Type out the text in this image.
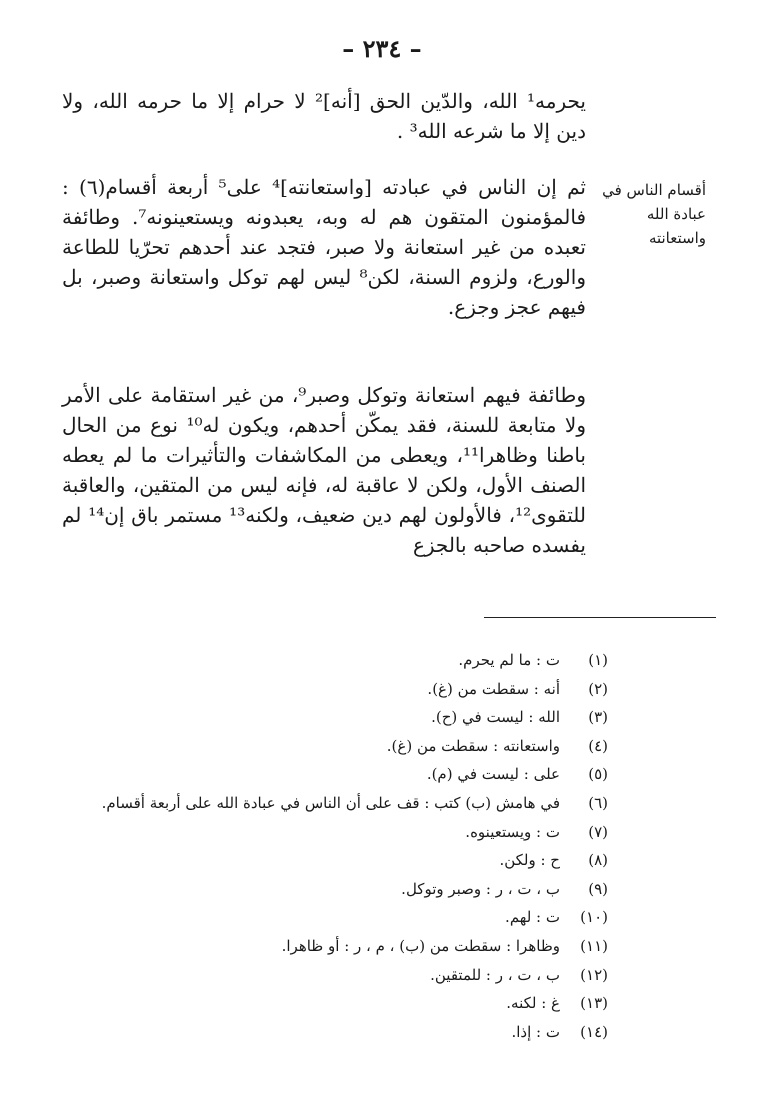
– ٢٣٤ –

يحرمه¹ الله، والدّين الحق [أنه]² لا حرام إلا ما حرمه الله، ولا دين إلا ما شرعه الله³ .

أقسام الناس في عبادة الله واستعانته

ثم إن الناس في عبادته [واستعانته]⁴ على⁵ أربعة أقسام(٦) : فالمؤمنون المتقون هم له وبه، يعبدونه ويستعينونه⁷. وطائفة تعبده من غير استعانة ولا صبر، فتجد عند أحدهم تحرّيا للطاعة والورع، ولزوم السنة، لكن⁸ ليس لهم توكل واستعانة وصبر، بل فيهم عجز وجزع.

وطائفة فيهم استعانة وتوكل وصبر⁹، من غير استقامة على الأمر ولا متابعة للسنة، فقد يمكّن أحدهم، ويكون له¹⁰ نوع من الحال باطنا وظاهرا¹¹، ويعطى من المكاشفات والتأثيرات ما لم يعطه الصنف الأول، ولكن لا عاقبة له، فإنه ليس من المتقين، والعاقبة للتقوى¹²، فالأولون لهم دين ضعيف، ولكنه¹³ مستمر باق إن¹⁴ لم يفسده صاحبه بالجزع

(١)ت : ما لم يحرم.
(٢)أنه : سقطت من (غ).
(٣)الله : ليست في (ح).
(٤)واستعانته : سقطت من (غ).
(٥)على : ليست في (م).
(٦)في هامش (ب) كتب : قف على أن الناس في عبادة الله على أربعة أقسام.
(٧)ت : ويستعينوه.
(٨)ح : ولكن.
(٩)ب ، ت ، ر : وصبر وتوكل.
(١٠)ت : لهم.
(١١)وظاهرا : سقطت من (ب) ، م ، ر : أو ظاهرا.
(١٢)ب ، ت ، ر : للمتقين.
(١٣)غ : لكنه.
(١٤)ت : إذا.
